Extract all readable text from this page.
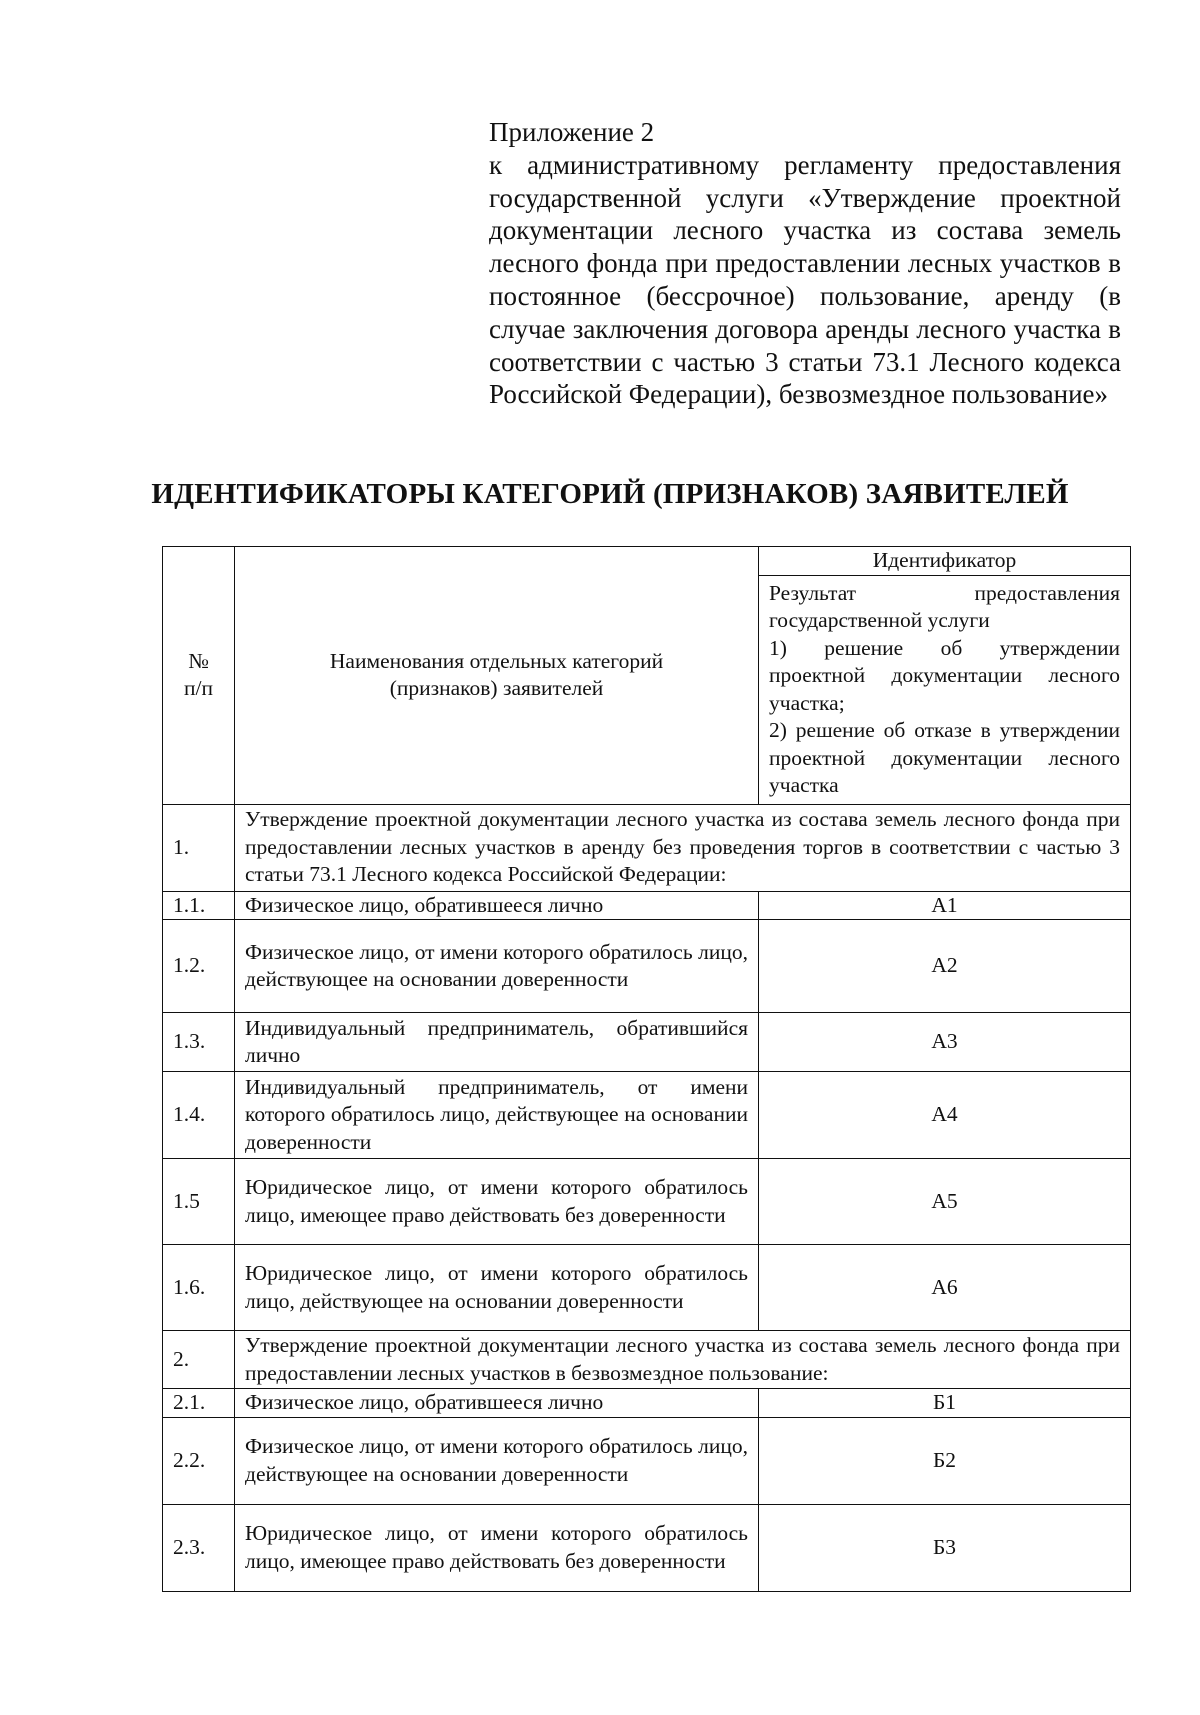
Приложение 2
к административному регламенту предоставления государственной услуги «Утверждение проектной документации лесного участка из состава земель лесного фонда при предоставлении лесных участков в постоянное (бессрочное) пользование, аренду (в случае заключения договора аренды лесного участка в соответствии с частью 3 статьи 73.1 Лесного кодекса Российской Федерации), безвозмездное пользование»
ИДЕНТИФИКАТОРЫ КАТЕГОРИЙ (ПРИЗНАКОВ) ЗАЯВИТЕЛЕЙ
№
п/п	Наименования отдельных категорий (признаков) заявителей	Идентификатор

		Результат предоставления государственной услуги
1) решение об утверждении проектной документации лесного участка;
2) решение об отказе в утверждении проектной документации лесного участка

1.	Утверждение проектной документации лесного участка из состава земель лесного фонда при предоставлении лесных участков в аренду без проведения торгов в соответствии с частью 3 статьи 73.1 Лесного кодекса Российской Федерации:	
1.1.	Физическое лицо, обратившееся лично	А1
1.2.	Физическое лицо, от имени которого обратилось лицо, действующее на основании доверенности	А2
1.3.	Индивидуальный предприниматель, обратившийся лично	А3
1.4.	Индивидуальный предприниматель, от имени которого обратилось лицо, действующее на основании доверенности	А4
1.5	Юридическое лицо, от имени которого обратилось лицо, имеющее право действовать без доверенности	А5
1.6.	Юридическое лицо, от имени которого обратилось лицо, действующее на основании доверенности	А6
2.	Утверждение проектной документации лесного участка из состава земель лесного фонда при предоставлении лесных участков в безвозмездное пользование:	
2.1.	Физическое лицо, обратившееся лично	Б1
2.2.	Физическое лицо, от имени которого обратилось лицо, действующее на основании доверенности	Б2
2.3.	Юридическое лицо, от имени которого обратилось лицо, имеющее право действовать без доверенности	Б3
